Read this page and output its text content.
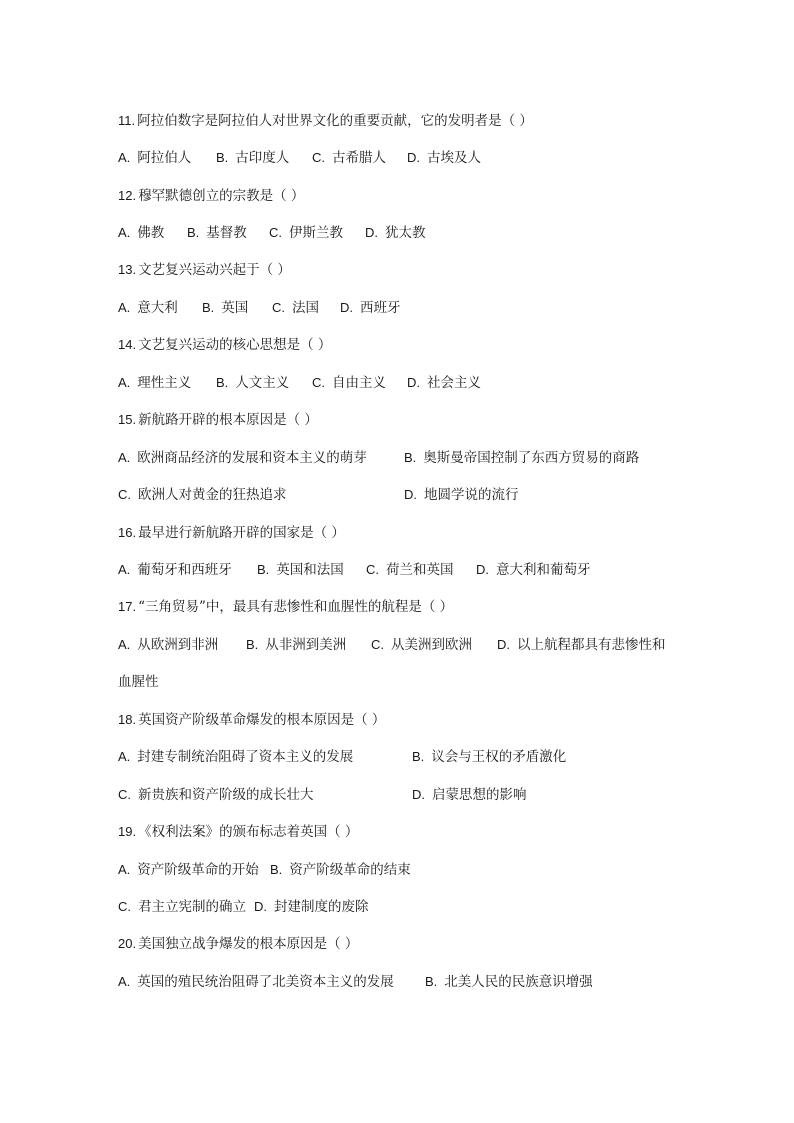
11. 阿拉伯数字是阿拉伯人对世界文化的重要贡献，它的发明者是（ ）
A. 阿拉伯人 B. 古印度人 C. 古希腊人 D. 古埃及人
12. 穆罕默德创立的宗教是（ ）
A. 佛教 B. 基督教 C. 伊斯兰教 D. 犹太教
13. 文艺复兴运动兴起于（ ）
A. 意大利 B. 英国 C. 法国 D. 西班牙
14. 文艺复兴运动的核心思想是（ ）
A. 理性主义 B. 人文主义 C. 自由主义 D. 社会主义
15. 新航路开辟的根本原因是（ ）
A. 欧洲商品经济的发展和资本主义的萌芽	B. 奥斯曼帝国控制了东西方贸易的商路
C. 欧洲人对黄金的狂热追求	D. 地圆学说的流行
16. 最早进行新航路开辟的国家是（ ）
A. 葡萄牙和西班牙 B. 英国和法国 C. 荷兰和英国 D. 意大利和葡萄牙
17. “三角贸易”中，最具有悲惨性和血腥性的航程是（ ）
A. 从欧洲到非洲 B. 从非洲到美洲 C. 从美洲到欧洲 D. 以上航程都具有悲惨性和
血腥性
18. 英国资产阶级革命爆发的根本原因是（ ）
A. 封建专制统治阻碍了资本主义的发展	B. 议会与王权的矛盾激化
C. 新贵族和资产阶级的成长壮大	D. 启蒙思想的影响
19. 《权利法案》的颁布标志着英国（ ）
A. 资产阶级革命的开始 B. 资产阶级革命的结束
C. 君主立宪制的确立 D. 封建制度的废除
20. 美国独立战争爆发的根本原因是（ ）
A. 英国的殖民统治阻碍了北美资本主义的发展 B. 北美人民的民族意识增强
